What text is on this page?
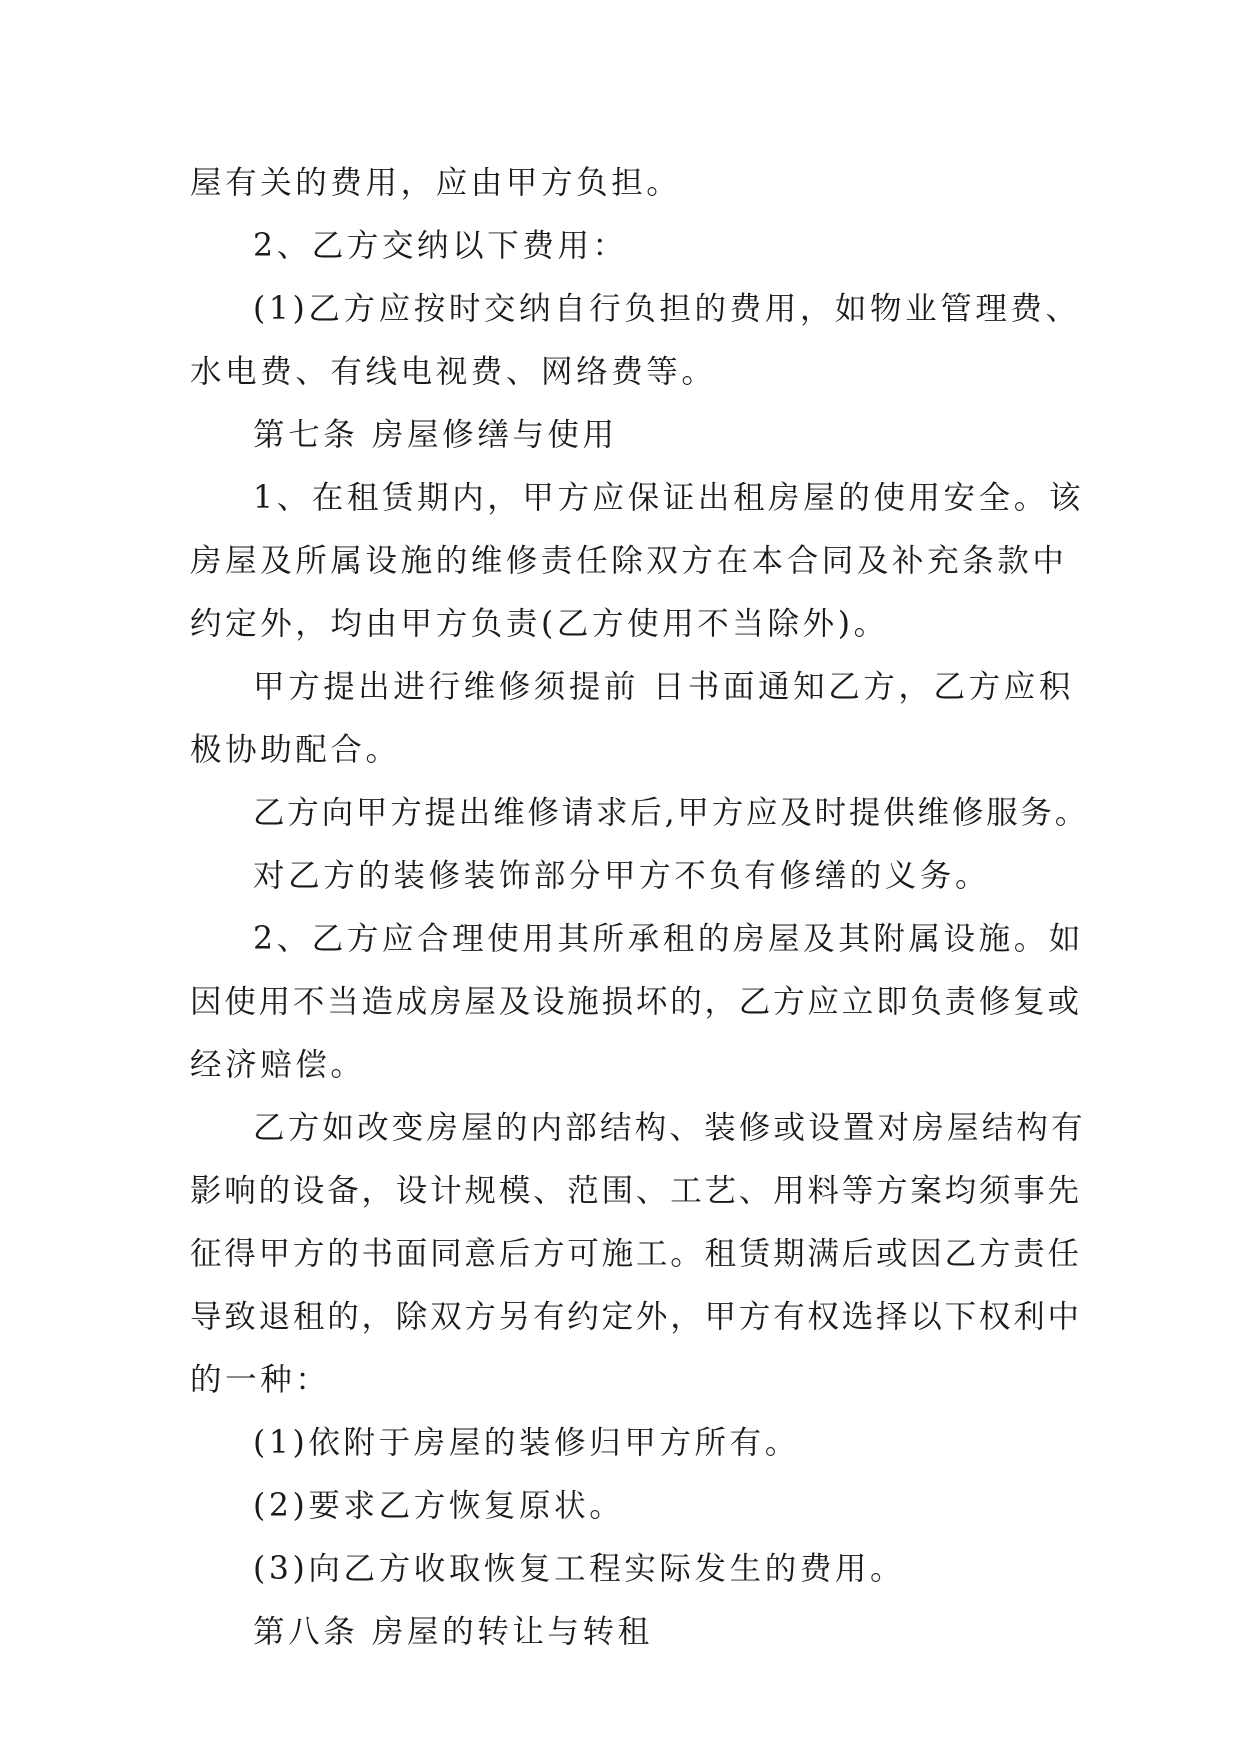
屋有关的费用，应由甲方负担。
2、乙方交纳以下费用：
(1)乙方应按时交纳自行负担的费用，如物业管理费、
水电费、有线电视费、网络费等。
第七条 房屋修缮与使用
1、在租赁期内，甲方应保证出租房屋的使用安全。该
房屋及所属设施的维修责任除双方在本合同及补充条款中
约定外，均由甲方负责(乙方使用不当除外)。
甲方提出进行维修须提前 日书面通知乙方，乙方应积
极协助配合。
乙方向甲方提出维修请求后,甲方应及时提供维修服务。
对乙方的装修装饰部分甲方不负有修缮的义务。
2、乙方应合理使用其所承租的房屋及其附属设施。如
因使用不当造成房屋及设施损坏的，乙方应立即负责修复或
经济赔偿。
乙方如改变房屋的内部结构、装修或设置对房屋结构有
影响的设备，设计规模、范围、工艺、用料等方案均须事先
征得甲方的书面同意后方可施工。租赁期满后或因乙方责任
导致退租的，除双方另有约定外，甲方有权选择以下权利中
的一种：
(1)依附于房屋的装修归甲方所有。
(2)要求乙方恢复原状。
(3)向乙方收取恢复工程实际发生的费用。
第八条 房屋的转让与转租
